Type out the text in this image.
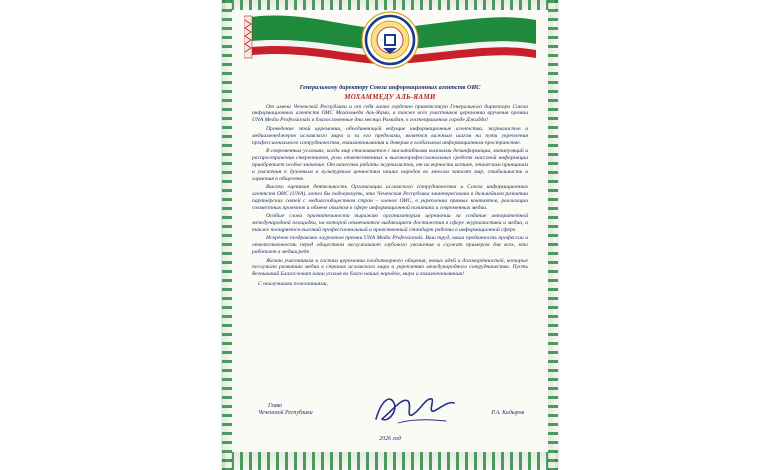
Генеральному директору Союза информационных агентств ОИС
МОХАММЕДУ АЛЬ-ЯАМИ

От имени Чеченской Республики и от себя лично сердечно приветствую Генерального директора Союза информационных агентств ОИС Мохаммеда Аль-Яами, а также всех участников церемонии вручения премии UNA Media Professionals в благословенные дни месяца Рамадан, в гостеприимном городе Джидда!

Проведение этой церемонии, объединяющей ведущие информационные агентства, журналистов и медиаменеджеров исламского мира и за его пределами, является важным шагом на пути укрепления профессионального сотрудничества, взаимопонимания и доверия в глобальном информационном пространстве.

В современных условиях, когда мир сталкивается с масштабными вызовами дезинформации, манипуляций и распространения стереотипов, роль ответственных и высокопрофессиональных средств массовой информации приобретает особое значение. От качества работы журналистов, от их верности истине, этическим принципам и уважения к духовным и культурным ценностям наших народов во многом зависят мир, стабильность и гармония в обществе.

Высоко оценивая деятельность Организации исламского сотрудничества и Союза информационных агентств ОИС (UNA), хотел бы подчеркнуть, что Чеченская Республика заинтересована в дальнейшем развитии партнёрских связей с медиасообществом стран – членов ОИС, в укреплении прямых контактов, реализации совместных проектов и обмене опытом в сфере информационной политики и современных медиа.

Особые слова признательности выражаю организаторам церемонии за создание авторитетной международной площадки, на которой отмечаются выдающиеся достижения в сфере журналистики и медиа, а также поощряется высокий профессиональный и нравственный стандарт работы в информационной сфере.

Искренне поздравляю лауреатов премии UNA Media Professionals. Ваш труд, ваша преданность профессии и ответственность перед обществом заслуживают глубокого уважения и служат примером для всех, кто работает в медиасреде.

Желаю участникам и гостям церемонии плодотворного общения, новых идей и договорённостей, которые послужат развитию медиа в странах исламского мира и укреплению международного сотрудничества. Пусть Всевышний Благословит ваши усилия во благо наших народов, мира и взаимопонимания!

С наилучшими пожеланиями,
Глава
Чеченской Республики	Р.А. Кадыров
2026 год
